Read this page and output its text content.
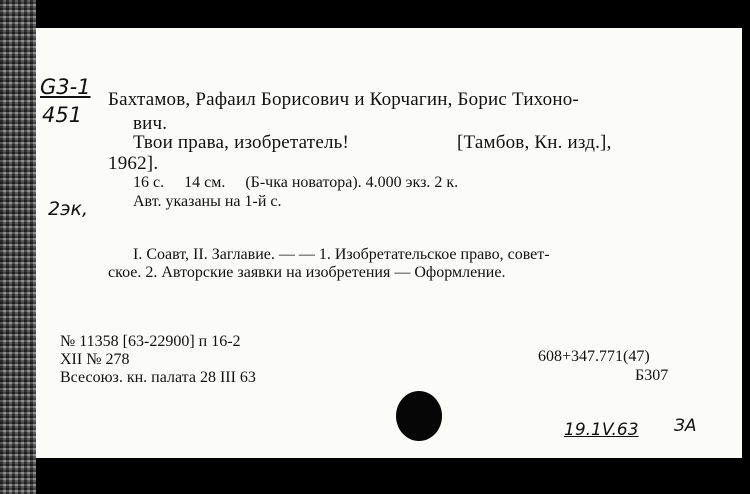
G3-1
451
2эк,
Бахтамов, Рафаил Борисович и Корчагин, Борис Тихоно-
вич.
Твои права, изобретатель!	[Тамбов, Кн. изд.],
1962].
16 с.     14 см.     (Б-чка новатора). 4.000 экз. 2 к.
Авт. указаны на 1-й с.
I. Соавт, II. Заглавие. — — 1. Изобретательское право, совет-
ское. 2. Авторские заявки на изобретения — Оформление.
№ 11358 [63-22900] п 16-2
XII № 278
Всесоюз. кн. палата 28 III 63
608+347.771(47)
Б307
19.1V.63 ЗА
